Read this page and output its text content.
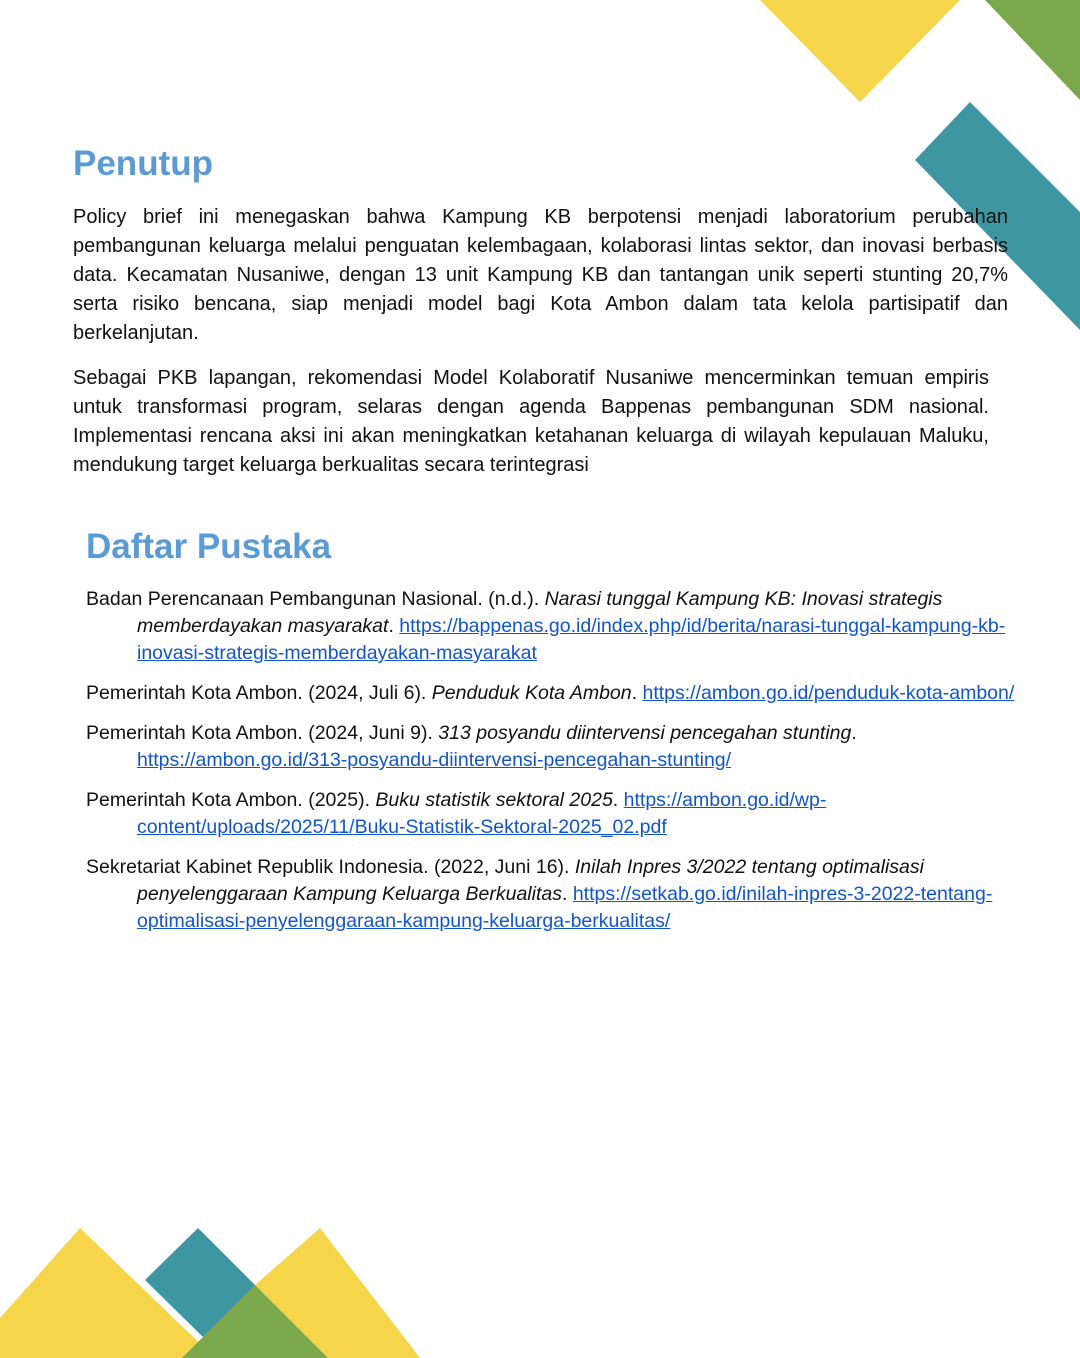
Penutup

Policy brief ini menegaskan bahwa Kampung KB berpotensi menjadi laboratorium perubahan pembangunan keluarga melalui penguatan kelembagaan, kolaborasi lintas sektor, dan inovasi berbasis data. Kecamatan Nusaniwe, dengan 13 unit Kampung KB dan tantangan unik seperti stunting 20,7% serta risiko bencana, siap menjadi model bagi Kota Ambon dalam tata kelola partisipatif dan berkelanjutan.

Sebagai PKB lapangan, rekomendasi Model Kolaboratif Nusaniwe mencerminkan temuan empiris untuk transformasi program, selaras dengan agenda Bappenas pembangunan SDM nasional. Implementasi rencana aksi ini akan meningkatkan ketahanan keluarga di wilayah kepulauan Maluku, mendukung target keluarga berkualitas secara terintegrasi

Daftar Pustaka

Badan Perencanaan Pembangunan Nasional. (n.d.). Narasi tunggal Kampung KB: Inovasi strategis memberdayakan masyarakat. https://bappenas.go.id/index.php/id/berita/narasi-tunggal-kampung-kb-inovasi-strategis-memberdayakan-masyarakat

Pemerintah Kota Ambon. (2024, Juli 6). Penduduk Kota Ambon. https://ambon.go.id/penduduk-kota-ambon/

Pemerintah Kota Ambon. (2024, Juni 9). 313 posyandu diintervensi pencegahan stunting. https://ambon.go.id/313-posyandu-diintervensi-pencegahan-stunting/

Pemerintah Kota Ambon. (2025). Buku statistik sektoral 2025. https://ambon.go.id/wp-content/uploads/2025/11/Buku-Statistik-Sektoral-2025_02.pdf

Sekretariat Kabinet Republik Indonesia. (2022, Juni 16). Inilah Inpres 3/2022 tentang optimalisasi penyelenggaraan Kampung Keluarga Berkualitas. https://setkab.go.id/inilah-inpres-3-2022-tentang-optimalisasi-penyelenggaraan-kampung-keluarga-berkualitas/
